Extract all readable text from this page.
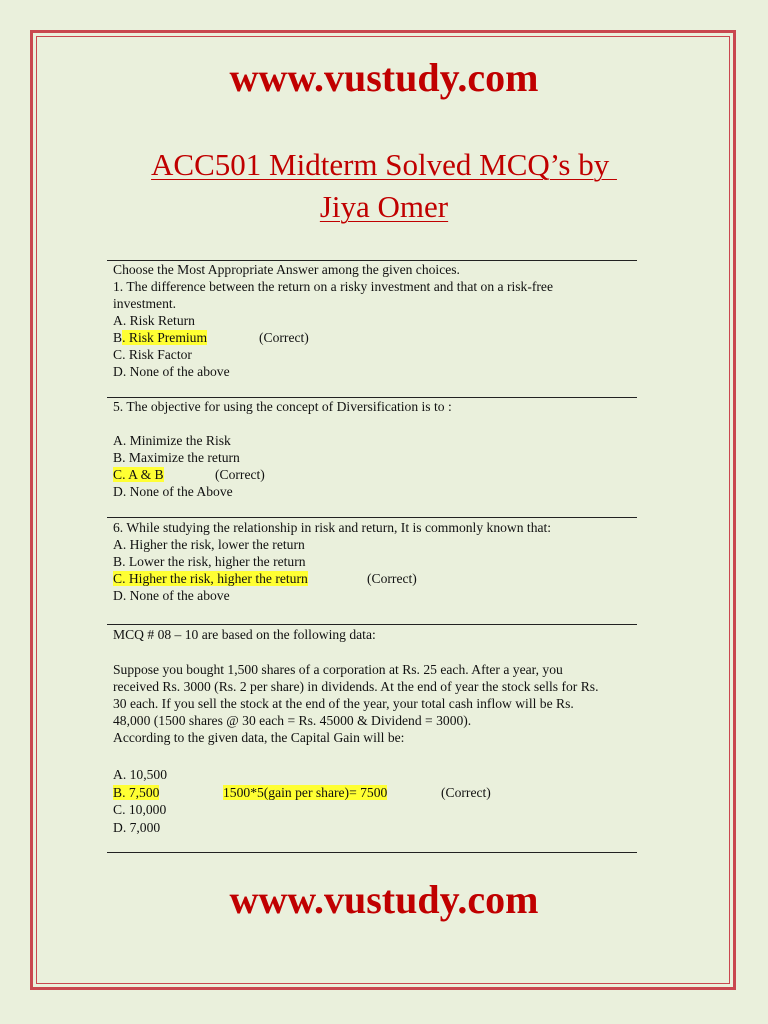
www.vustudy.com
ACC501 Midterm Solved MCQ’s by
Jiya Omer
Choose the Most Appropriate Answer among the given choices.
1. The difference between the return on a risky investment and that on a risk-free
investment.
A. Risk Return
B. Risk Premium	(Correct)
C. Risk Factor
D. None of the above
5. The objective for using the concept of Diversification is to :
A. Minimize the Risk
B. Maximize the return
C. A & B	(Correct)
D. None of the Above
6. While studying the relationship in risk and return, It is commonly known that:
A. Higher the risk, lower the return
B. Lower the risk, higher the return
C. Higher the risk, higher the return	(Correct)
D. None of the above
MCQ # 08 – 10 are based on the following data:
Suppose you bought 1,500 shares of a corporation at Rs. 25 each. After a year, you
received Rs. 3000 (Rs. 2 per share) in dividends. At the end of year the stock sells for Rs.
30 each. If you sell the stock at the end of the year, your total cash inflow will be Rs.
48,000 (1500 shares @ 30 each = Rs. 45000 & Dividend = 3000).
According to the given data, the Capital Gain will be:
A. 10,500
B. 7,500	1500*5(gain per share)= 7500	(Correct)
C. 10,000
D. 7,000
www.vustudy.com
